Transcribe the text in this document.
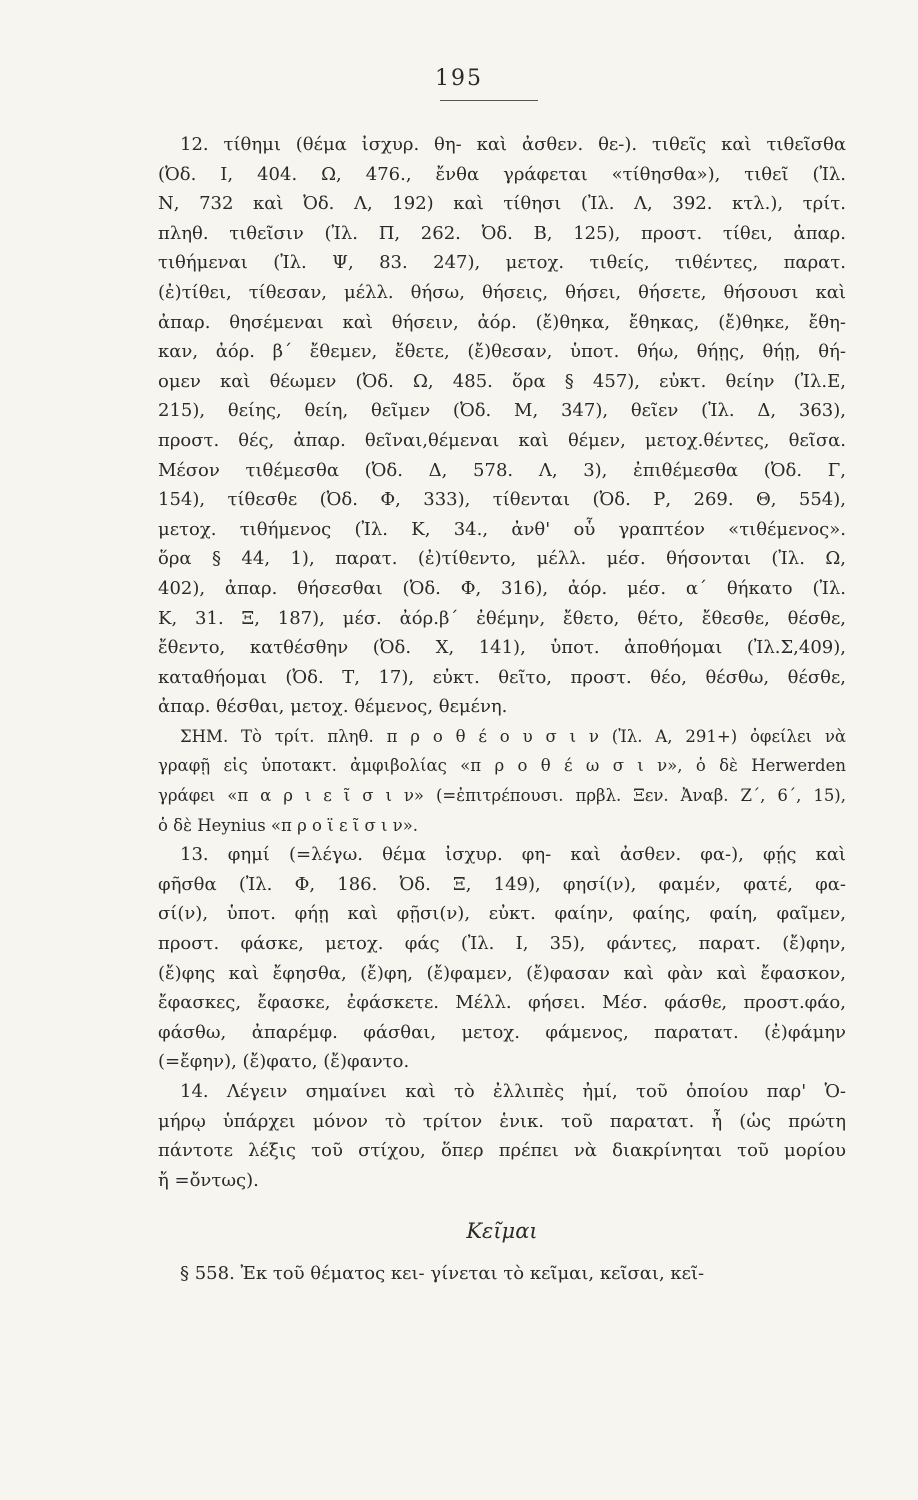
195
12. τίθημι (θέμα ἰσχυρ. θη- καὶ ἀσθεν. θε-). τιθεῖς καὶ τιθεῖσθα
(Ὀδ. Ι, 404. Ω, 476., ἔνθα γράφεται «τίθησθα»), τιθεῖ (Ἰλ.
Ν, 732 καὶ Ὀδ. Λ, 192) καὶ τίθησι (Ἰλ. Λ, 392. κτλ.), τρίτ.
πληθ. τιθεῖσιν (Ἰλ. Π, 262. Ὀδ. Β, 125), προστ. τίθει, ἀπαρ.
τιθήμεναι (Ἰλ. Ψ, 83. 247), μετοχ. τιθείς, τιθέντες, παρατ.
(ἐ)τίθει, τίθεσαν, μέλλ. θήσω, θήσεις, θήσει, θήσετε, θήσουσι καὶ
ἀπαρ. θησέμεναι καὶ θήσειν, ἀόρ. (ἔ)θηκα, ἔθηκας, (ἔ)θηκε, ἔθη-
καν, ἀόρ. β΄ ἔθεμεν, ἔθετε, (ἔ)θεσαν, ὑποτ. θήω, θήῃς, θήῃ, θή-
ομεν καὶ θέωμεν (Ὀδ. Ω, 485. ὅρα § 457), εὐκτ. θείην (Ἰλ.Ε,
215), θείης, θείη, θεῖμεν (Ὀδ. Μ, 347), θεῖεν (Ἰλ. Δ, 363),
προστ. θές, ἀπαρ. θεῖναι,θέμεναι καὶ θέμεν, μετοχ.θέντες, θεῖσα.
Μέσον τιθέμεσθα (Ὀδ. Δ, 578. Λ, 3), ἐπιθέμεσθα (Ὀδ. Γ,
154), τίθεσθε (Ὀδ. Φ, 333), τίθενται (Ὀδ. Ρ, 269. Θ, 554),
μετοχ. τιθήμενος (Ἰλ. Κ, 34., ἀνθ' οὗ γραπτέον «τιθέμενος».
ὅρα § 44, 1), παρατ. (ἐ)τίθεντο, μέλλ. μέσ. θήσονται (Ἰλ. Ω,
402), ἀπαρ. θήσεσθαι (Ὀδ. Φ, 316), ἀόρ. μέσ. α΄ θήκατο (Ἰλ.
Κ, 31. Ξ, 187), μέσ. ἀόρ.β΄ ἐθέμην, ἔθετο, θέτο, ἔθεσθε, θέσθε,
ἔθεντο, κατθέσθην (Ὀδ. Χ, 141), ὑποτ. ἀποθήομαι (Ἰλ.Σ,409),
καταθήομαι (Ὀδ. Τ, 17), εὐκτ. θεῖτο, προστ. θέο, θέσθω, θέσθε,
ἀπαρ. θέσθαι, μετοχ. θέμενος, θεμένη.
ΣΗΜ. Τὸ τρίτ. πληθ. π ρ ο θ έ ο υ σ ι ν (Ἰλ. Α, 291+) ὀφείλει νὰ
γραφῇ εἰς ὑποτακτ. ἀμφιβολίας «π ρ ο θ έ ω σ ι ν», ὁ δὲ Herwerden
γράφει «π α ρ ι ε ῖ σ ι ν» (=ἐπιτρέπουσι. πρβλ. Ξεν. Ἀναβ. Ζ΄, 6΄, 15),
ὁ δὲ Heynius «π ρ ο ϊ ε ῖ σ ι ν».
13. φημί (=λέγω. θέμα ἰσχυρ. φη- καὶ ἀσθεν. φα-), φῄς καὶ
φῆσθα (Ἰλ. Φ, 186. Ὀδ. Ξ, 149), φησί(ν), φαμέν, φατέ, φα-
σί(ν), ὑποτ. φήῃ καὶ φῇσι(ν), εὐκτ. φαίην, φαίης, φαίη, φαῖμεν,
προστ. φάσκε, μετοχ. φάς (Ἰλ. Ι, 35), φάντες, παρατ. (ἔ)φην,
(ἔ)φης καὶ ἔφησθα, (ἔ)φη, (ἔ)φαμεν, (ἔ)φασαν καὶ φὰν καὶ ἔφασκον,
ἔφασκες, ἔφασκε, ἐφάσκετε. Μέλλ. φήσει. Μέσ. φάσθε, προστ.φάο,
φάσθω, ἀπαρέμφ. φάσθαι, μετοχ. φάμενος, παρατατ. (ἐ)φάμην
(=ἔφην), (ἔ)φατο, (ἔ)φαντο.
14. Λέγειν σημαίνει καὶ τὸ ἐλλιπὲς ἠμί, τοῦ ὁποίου παρ' Ὁ-
μήρῳ ὑπάρχει μόνον τὸ τρίτον ἑνικ. τοῦ παρατατ. ἦ (ὡς πρώτη
πάντοτε λέξις τοῦ στίχου, ὅπερ πρέπει νὰ διακρίνηται τοῦ μορίου
ἤ =ὄντως).
Κεῖμαι
§ 558. Ἐκ τοῦ θέματος κει- γίνεται τὸ κεῖμαι, κεῖσαι, κεῖ-
